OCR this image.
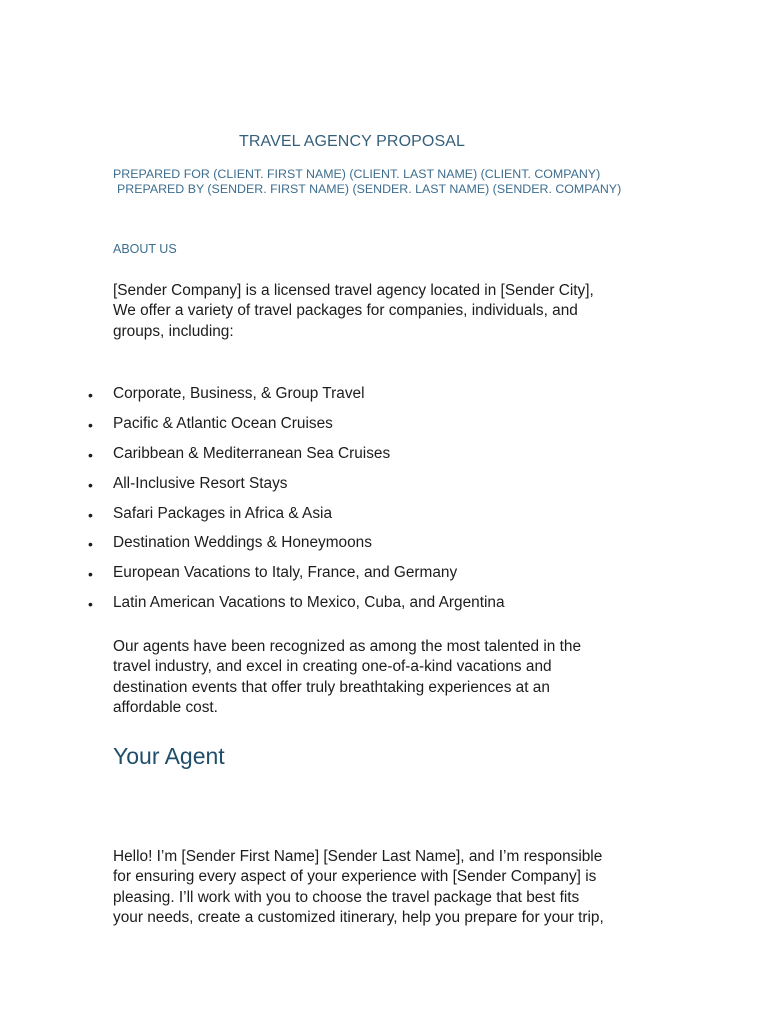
TRAVEL AGENCY PROPOSAL
PREPARED FOR (CLIENT. FIRST NAME) (CLIENT. LAST NAME) (CLIENT. COMPANY)
PREPARED BY (SENDER. FIRST NAME) (SENDER. LAST NAME) (SENDER. COMPANY)
ABOUT US
[Sender Company] is a licensed travel agency located in [Sender City],
We offer a variety of travel packages for companies, individuals, and
groups, including:
•	Corporate, Business, & Group Travel
•	Pacific & Atlantic Ocean Cruises
•	Caribbean & Mediterranean Sea Cruises
•	All-Inclusive Resort Stays
•	Safari Packages in Africa & Asia
•	Destination Weddings & Honeymoons
•	European Vacations to Italy, France, and Germany
•	Latin American Vacations to Mexico, Cuba, and Argentina
Our agents have been recognized as among the most talented in the
travel industry, and excel in creating one-of-a-kind vacations and
destination events that offer truly breathtaking experiences at an
affordable cost.
Your Agent
Hello! I’m [Sender First Name] [Sender Last Name], and I’m responsible
for ensuring every aspect of your experience with [Sender Company] is
pleasing. I’ll work with you to choose the travel package that best fits
your needs, create a customized itinerary, help you prepare for your trip,
